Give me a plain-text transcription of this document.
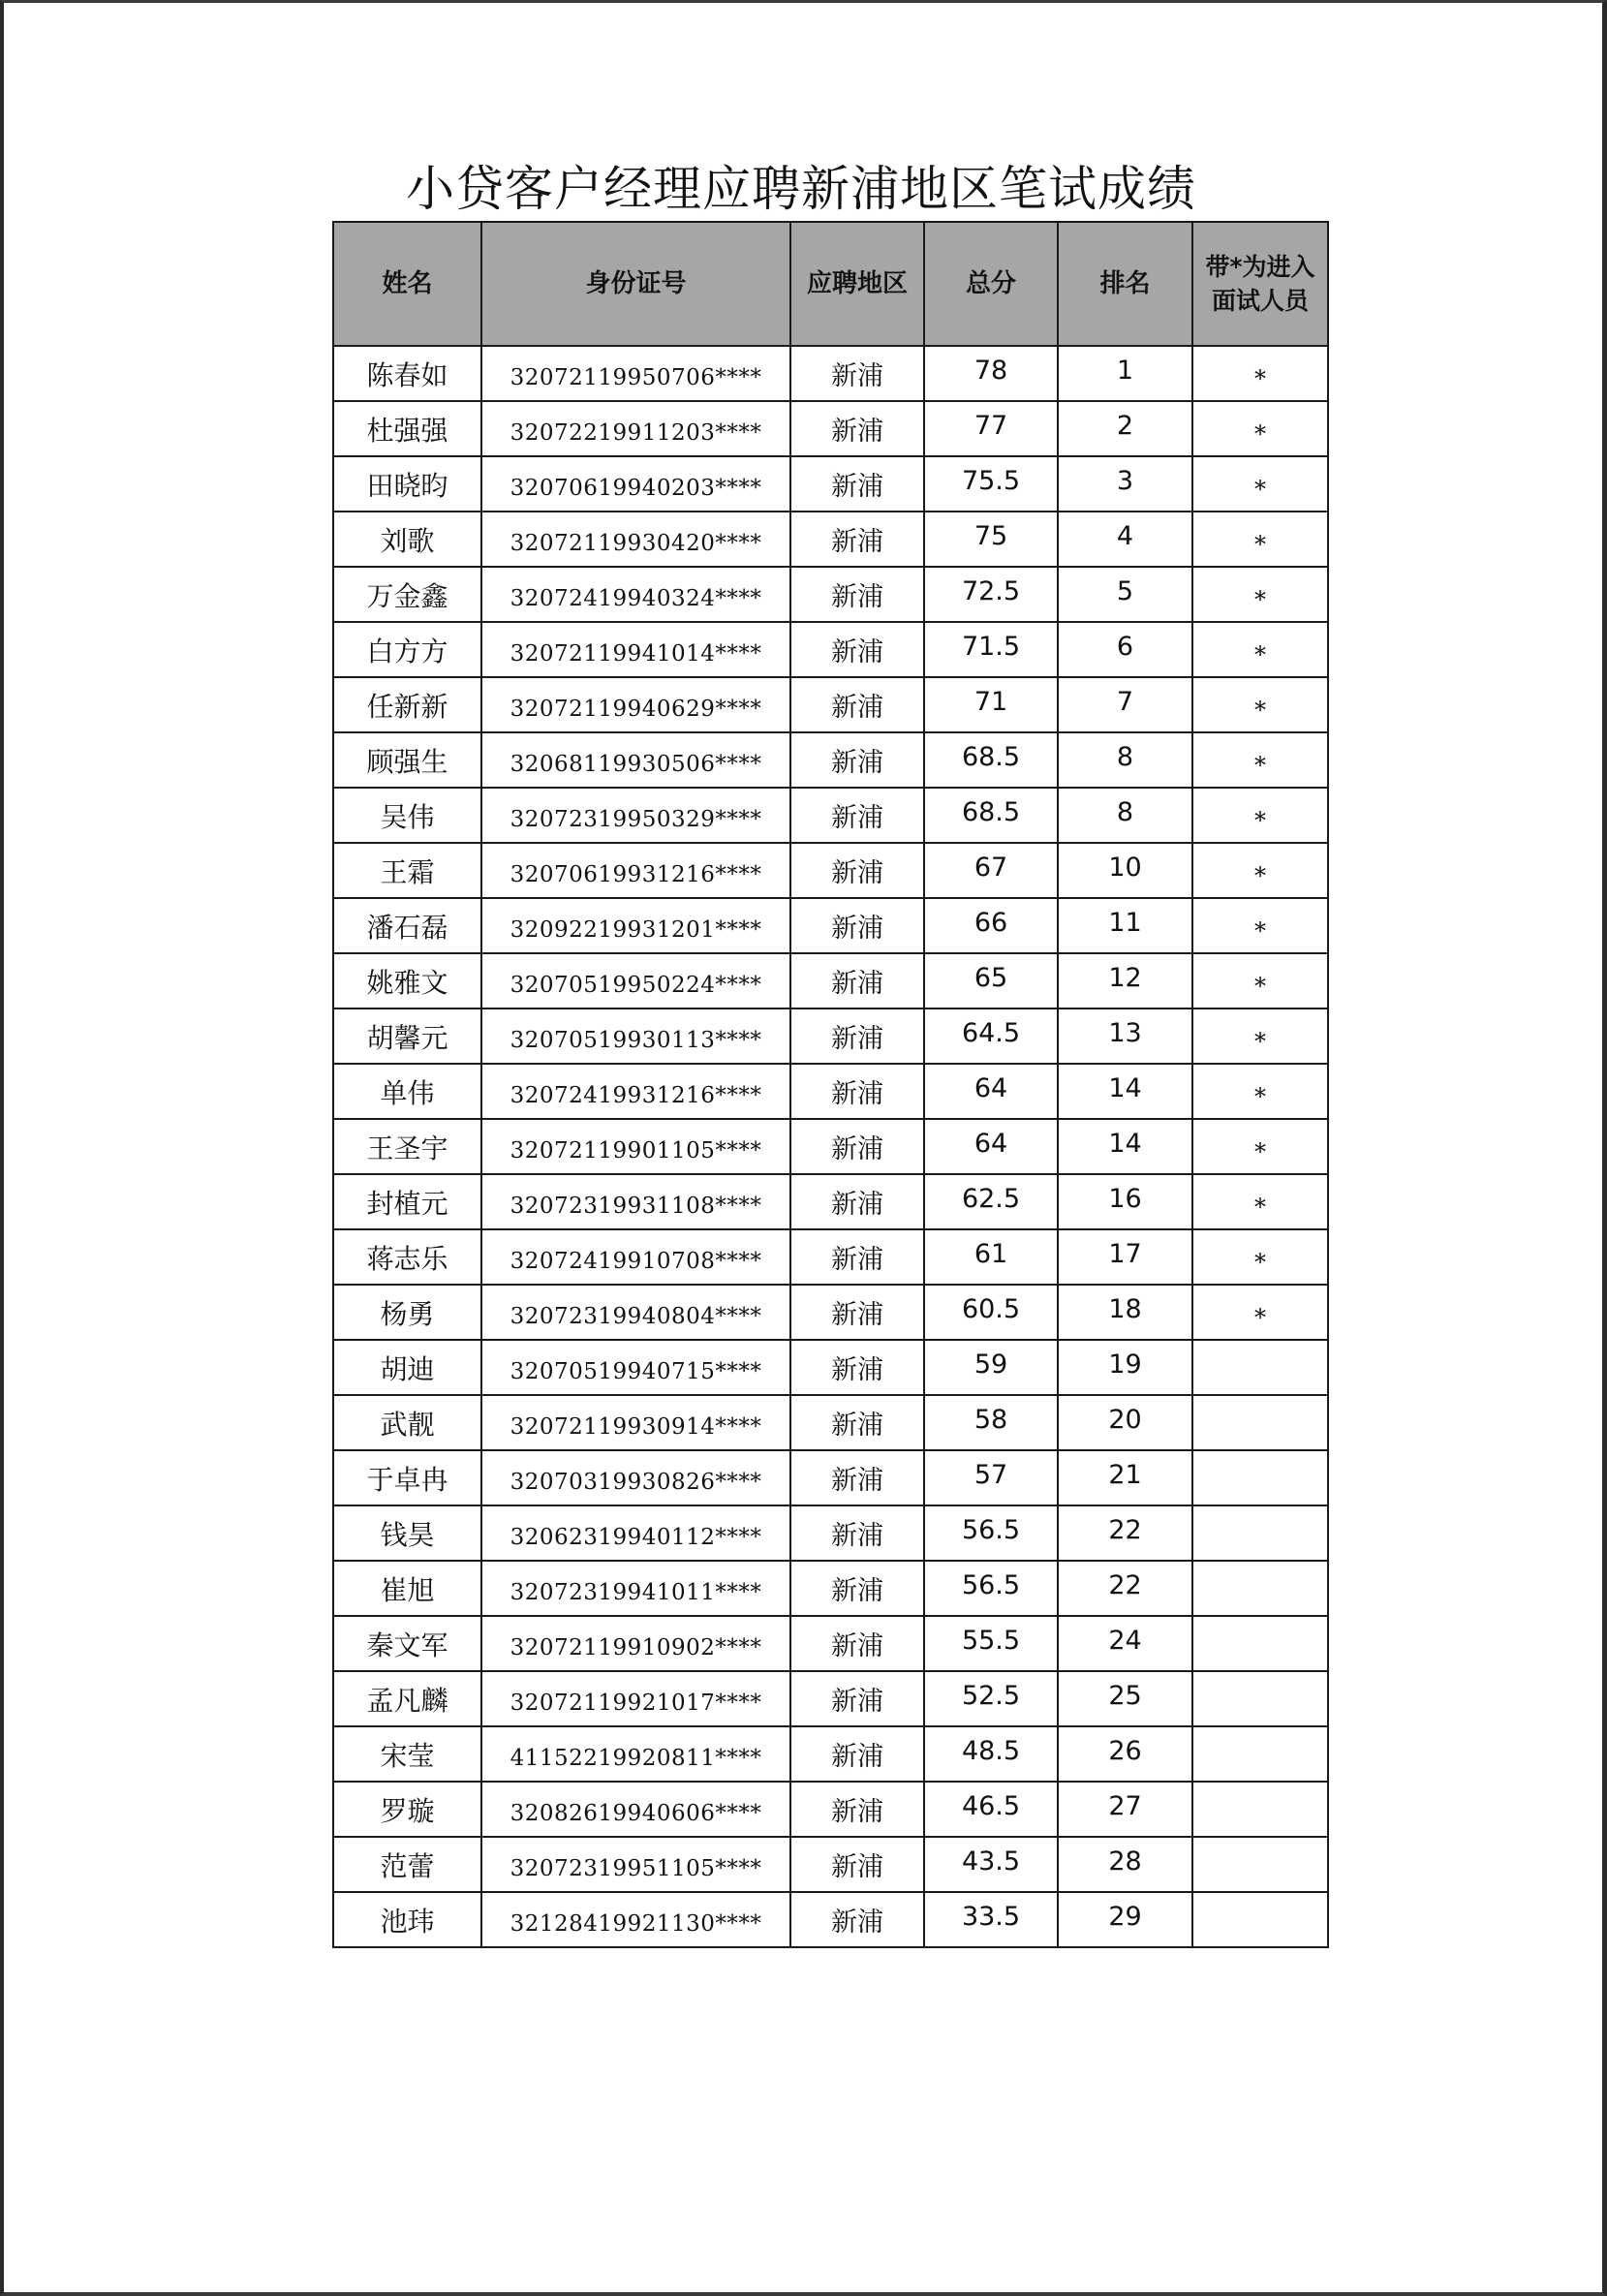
小贷客户经理应聘新浦地区笔试成绩
姓名	身份证号	应聘地区	总分	排名	带*为进入面试人员
陈春如	32072119950706****	新浦	78	1	*
杜强强	32072219911203****	新浦	77	2	*
田晓昀	32070619940203****	新浦	75.5	3	*
刘歌	32072119930420****	新浦	75	4	*
万金鑫	32072419940324****	新浦	72.5	5	*
白方方	32072119941014****	新浦	71.5	6	*
任新新	32072119940629****	新浦	71	7	*
顾强生	32068119930506****	新浦	68.5	8	*
吴伟	32072319950329****	新浦	68.5	8	*
王霜	32070619931216****	新浦	67	10	*
潘石磊	32092219931201****	新浦	66	11	*
姚雅文	32070519950224****	新浦	65	12	*
胡馨元	32070519930113****	新浦	64.5	13	*
单伟	32072419931216****	新浦	64	14	*
王圣宇	32072119901105****	新浦	64	14	*
封植元	32072319931108****	新浦	62.5	16	*
蒋志乐	32072419910708****	新浦	61	17	*
杨勇	32072319940804****	新浦	60.5	18	*
胡迪	32070519940715****	新浦	59	19	
武靓	32072119930914****	新浦	58	20	
于卓冉	32070319930826****	新浦	57	21	
钱昊	32062319940112****	新浦	56.5	22	
崔旭	32072319941011****	新浦	56.5	22	
秦文军	32072119910902****	新浦	55.5	24	
孟凡麟	32072119921017****	新浦	52.5	25	
宋莹	41152219920811****	新浦	48.5	26	
罗璇	32082619940606****	新浦	46.5	27	
范蕾	32072319951105****	新浦	43.5	28	
池玮	32128419921130****	新浦	33.5	29	
